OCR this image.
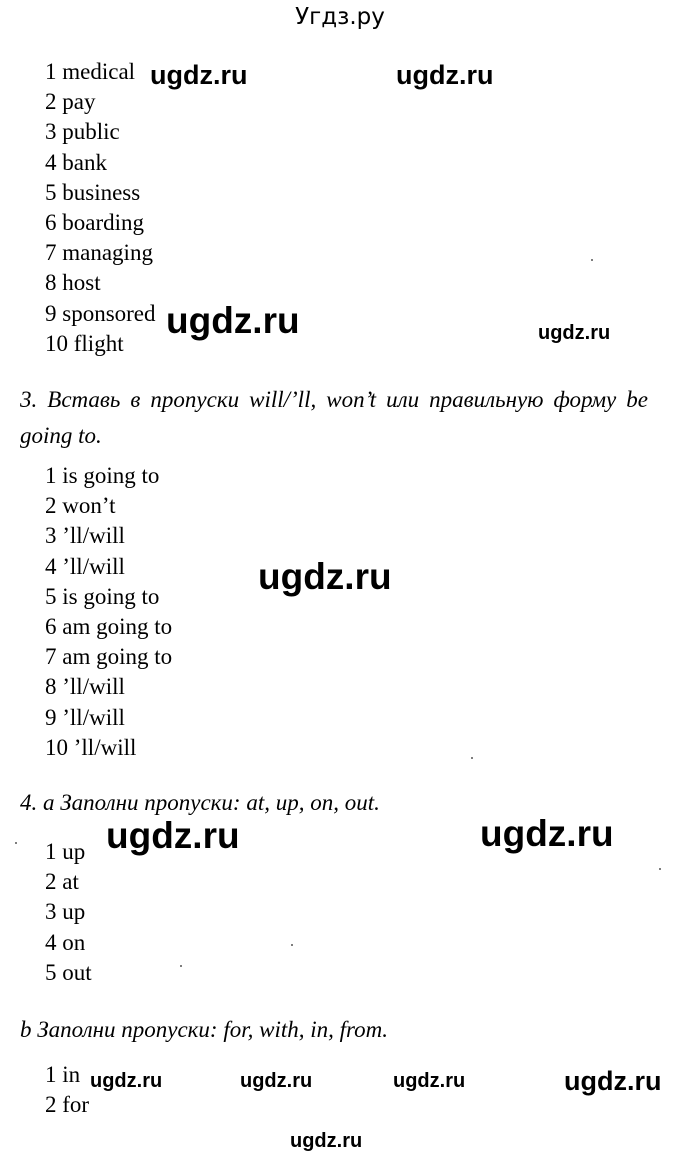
Угдз.ру
1 medical
2 pay
3 public
4 bank
5 business
6 boarding
7 managing
8 host
9 sponsored
10 flight

3. Вставь в пропуски will/’ll, won’t или правильную форму be going to.

1 is going to
2 won’t
3 ’ll/will
4 ’ll/will
5 is going to
6 am going to
7 am going to
8 ’ll/will
9 ’ll/will
10 ’ll/will

4. a Заполни пропуски: at, up, on, out.

1 up
2 at
3 up
4 on
5 out

b Заполни пропуски: for, with, in, from.

1 in
2 for
ugdz.ru	ugdz.ru
ugdz.ru	ugdz.ru
ugdz.ru
ugdz.ru	ugdz.ru
ugdz.ru	ugdz.ru	ugdz.ru	ugdz.ru
ugdz.ru
